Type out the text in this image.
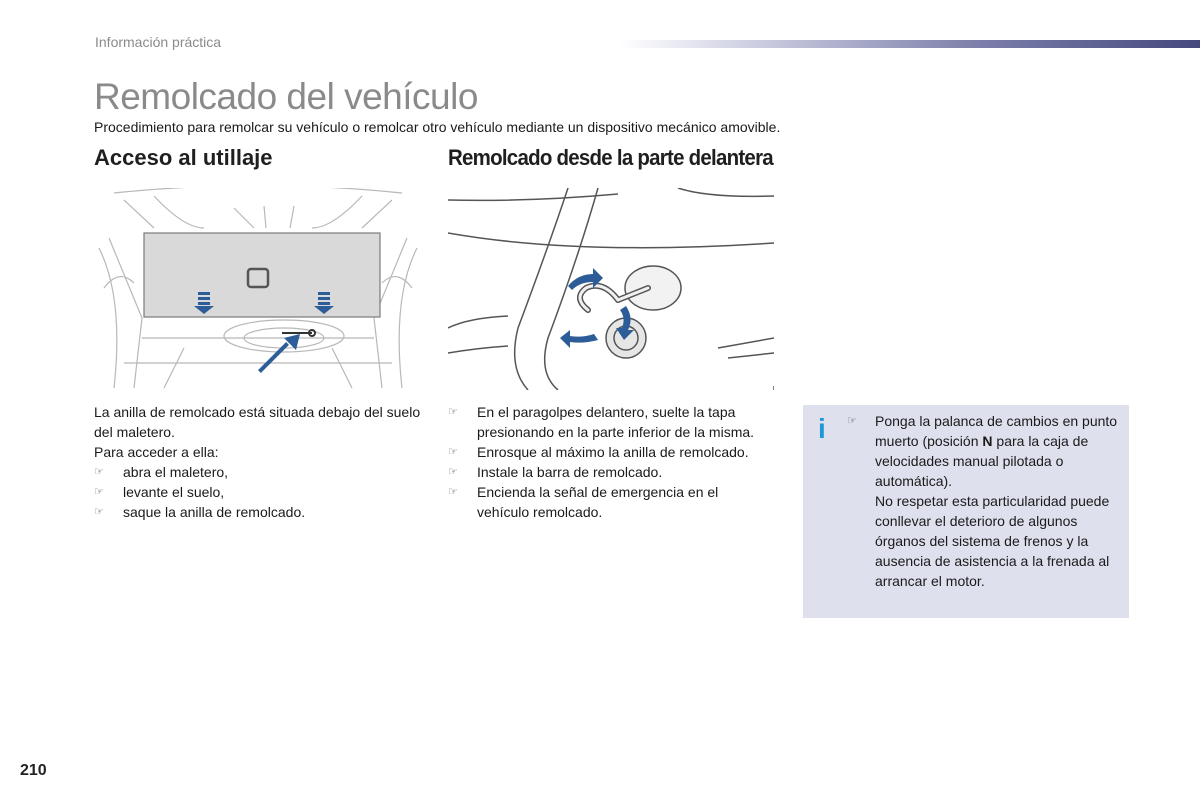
Información práctica
Remolcado del vehículo
Procedimiento para remolcar su vehículo o remolcar otro vehículo mediante un dispositivo mecánico amovible.
Acceso al utillaje	Remolcado desde la parte delantera

La anilla de remolcado está situada debajo del suelo del maletero.

Para acceder a ella:

☞ abra el maletero,
☞ levante el suelo,
☞ saque la anilla de remolcado.
☞ En el paragolpes delantero, suelte la tapa presionando en la parte inferior de la misma.
☞ Enrosque al máximo la anilla de remolcado.
☞ Instale la barra de remolcado.
☞ Encienda la señal de emergencia en el vehículo remolcado.
i ☞ Ponga la palanca de cambios en punto muerto (posición N para la caja de velocidades manual pilotada o automática).
No respetar esta particularidad puede conllevar el deterioro de algunos órganos del sistema de frenos y la ausencia de asistencia a la frenada al arrancar el motor.
210
